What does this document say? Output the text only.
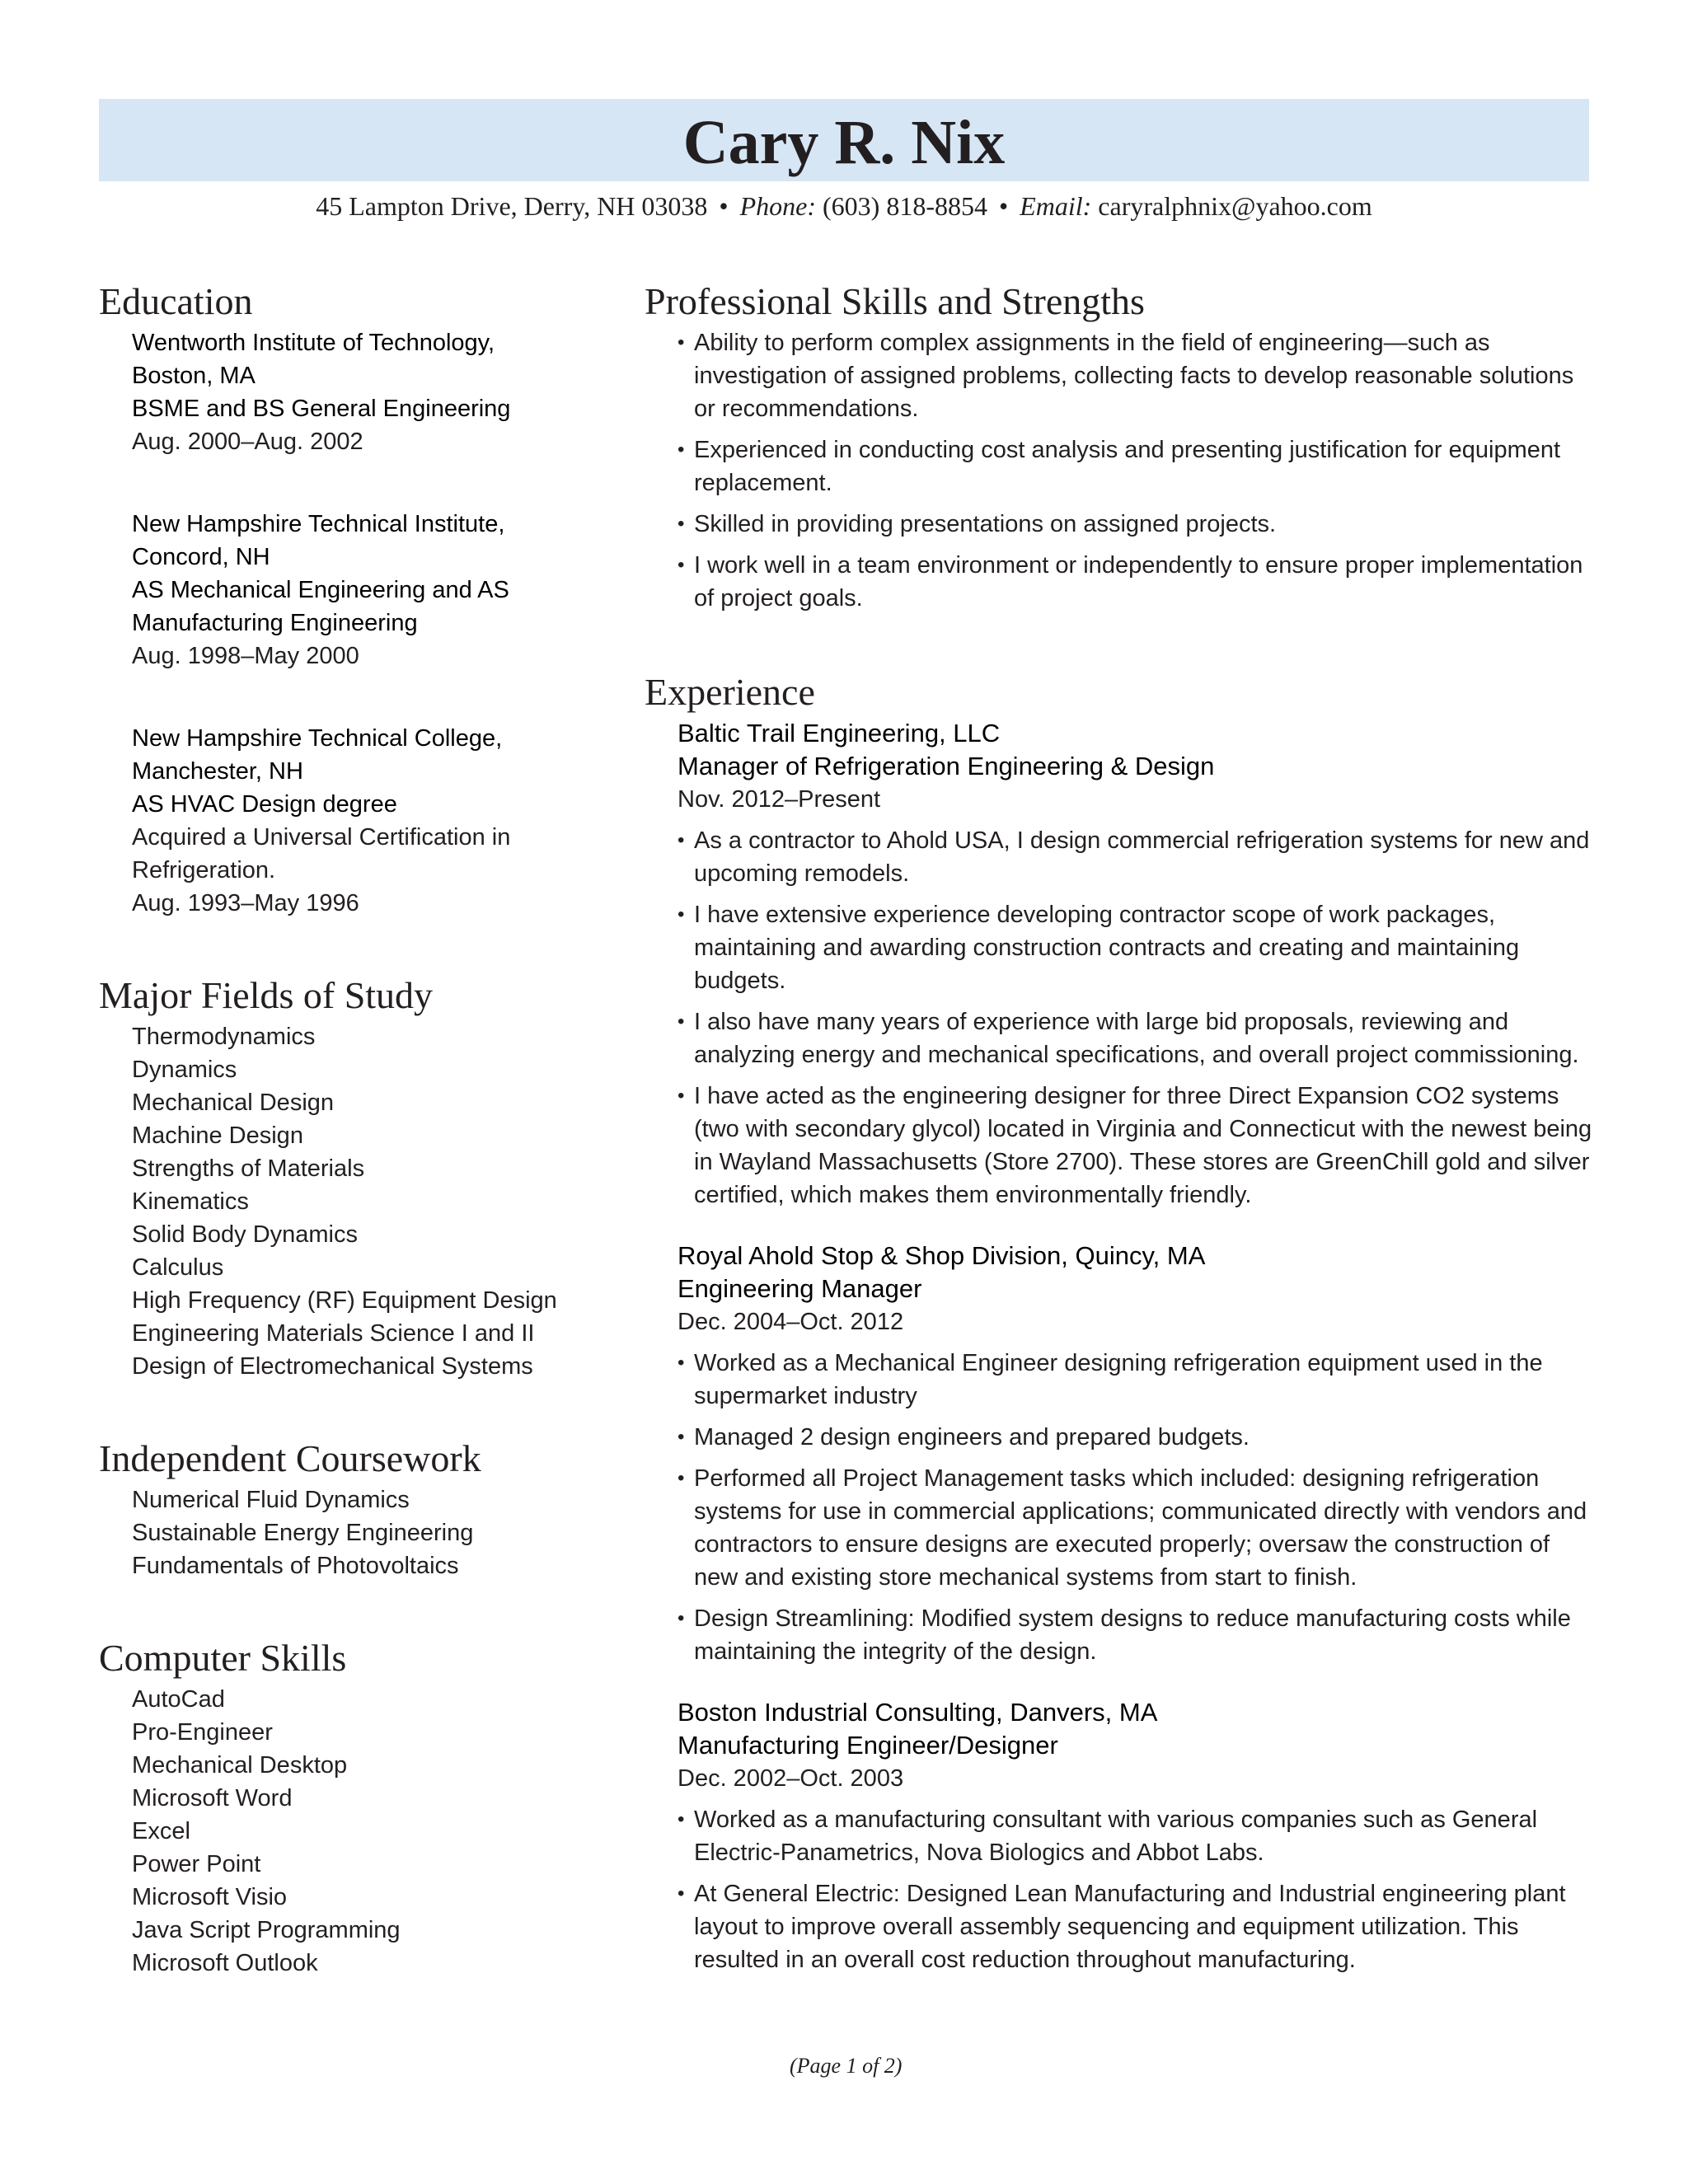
Cary R. Nix
45 Lampton Drive, Derry, NH 03038 • Phone: (603) 818-8854 • Email: caryralphnix@yahoo.com
Education
Wentworth Institute of Technology,
Boston, MA
BSME and BS General Engineering
Aug. 2000–Aug. 2002
New Hampshire Technical Institute,
Concord, NH
AS Mechanical Engineering and AS
Manufacturing Engineering
Aug. 1998–May 2000
New Hampshire Technical College,
Manchester, NH
AS HVAC Design degree
Acquired a Universal Certification in
Refrigeration.
Aug. 1993–May 1996
Major Fields of Study
Thermodynamics
Dynamics
Mechanical Design
Machine Design
Strengths of Materials
Kinematics
Solid Body Dynamics
Calculus
High Frequency (RF) Equipment Design
Engineering Materials Science I and II
Design of Electromechanical Systems
Independent Coursework
Numerical Fluid Dynamics
Sustainable Energy Engineering
Fundamentals of Photovoltaics
Computer Skills
AutoCad
Pro-Engineer
Mechanical Desktop
Microsoft Word
Excel
Power Point
Microsoft Visio
Java Script Programming
Microsoft Outlook
Professional Skills and Strengths
• Ability to perform complex assignments in the field of engineering—such as investigation of assigned problems, collecting facts to develop reasonable solutions or recommendations.
• Experienced in conducting cost analysis and presenting justification for equipment replacement.
• Skilled in providing presentations on assigned projects.
• I work well in a team environment or independently to ensure proper implementation of project goals.
Experience
Baltic Trail Engineering, LLC
Manager of Refrigeration Engineering & Design
Nov. 2012–Present
• As a contractor to Ahold USA, I design commercial refrigeration systems for new and upcoming remodels.
• I have extensive experience developing contractor scope of work packages, maintaining and awarding construction contracts and creating and maintaining budgets.
• I also have many years of experience with large bid proposals, reviewing and analyzing energy and mechanical specifications, and overall project commissioning.
• I have acted as the engineering designer for three Direct Expansion CO2 systems (two with secondary glycol) located in Virginia and Connecticut with the newest being in Wayland Massachusetts (Store 2700). These stores are GreenChill gold and silver certified, which makes them environmentally friendly.
Royal Ahold Stop & Shop Division, Quincy, MA
Engineering Manager
Dec. 2004–Oct. 2012
• Worked as a Mechanical Engineer designing refrigeration equipment used in the supermarket industry
• Managed 2 design engineers and prepared budgets.
• Performed all Project Management tasks which included: designing refrigeration systems for use in commercial applications; communicated directly with vendors and contractors to ensure designs are executed properly; oversaw the construction of new and existing store mechanical systems from start to finish.
• Design Streamlining: Modified system designs to reduce manufacturing costs while maintaining the integrity of the design.
Boston Industrial Consulting, Danvers, MA
Manufacturing Engineer/Designer
Dec. 2002–Oct. 2003
• Worked as a manufacturing consultant with various companies such as General Electric-Panametrics, Nova Biologics and Abbot Labs.
• At General Electric: Designed Lean Manufacturing and Industrial engineering plant layout to improve overall assembly sequencing and equipment utilization. This resulted in an overall cost reduction throughout manufacturing.
(Page 1 of 2)
